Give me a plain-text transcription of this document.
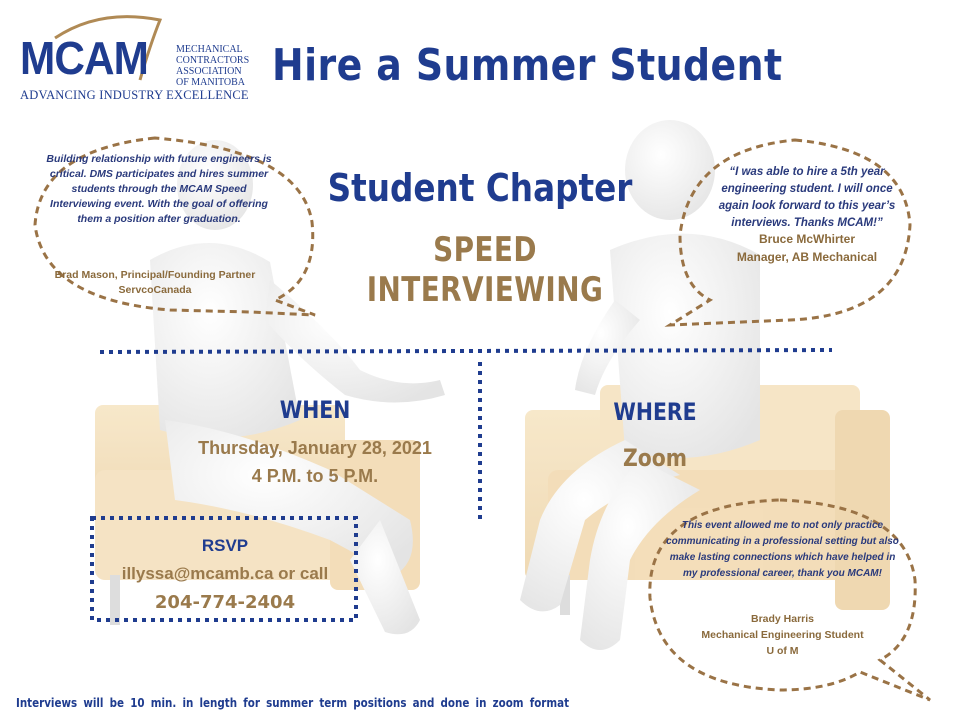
MCAM	MECHANICAL
CONTRACTORS
ASSOCIATION
OF MANITOBA
ADVANCING INDUSTRY EXCELLENCE
Hire a Summer Student
Building relationship with future engineers is critical. DMS participates and hires summer students through the MCAM Speed Interviewing event. With the goal of offering them a position after graduation.
Brad Mason, Principal/Founding Partner
ServcoCanada
“I was able to hire a 5th year engineering student. I will once again look forward to this year’s interviews. Thanks MCAM!”
Bruce McWhirter
Manager, AB Mechanical
This event allowed me to not only practice communicating in a professional setting but also make lasting connections which have helped in my professional career, thank you MCAM!
Brady Harris
Mechanical Engineering Student
U of M
Student Chapter
SPEED INTERVIEWING
WHEN
Thursday, January 28, 2021
4 P.M. to 5 P.M.
WHERE
Zoom
RSVP
illyssa@mcamb.ca or call
204-774-2404
Interviews will be 10 min. in length for summer term positions and done in zoom format
